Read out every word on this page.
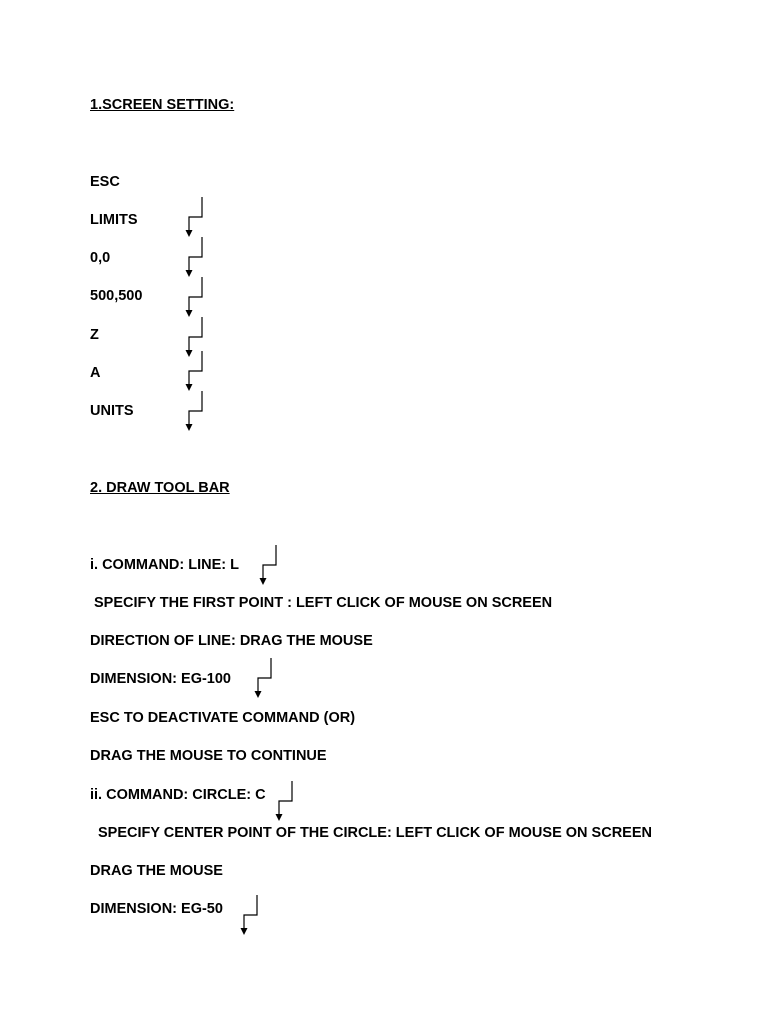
1.SCREEN SETTING:
ESC
LIMITS
0,0
500,500
Z
A
UNITS
2. DRAW TOOL BAR
i. COMMAND: LINE: L
SPECIFY THE FIRST POINT : LEFT CLICK OF MOUSE ON SCREEN
DIRECTION OF LINE: DRAG THE MOUSE
DIMENSION: EG-100
ESC TO DEACTIVATE COMMAND (OR)
DRAG THE MOUSE TO CONTINUE
ii. COMMAND: CIRCLE: C
SPECIFY CENTER POINT OF THE CIRCLE: LEFT CLICK OF MOUSE ON SCREEN
DRAG THE MOUSE
DIMENSION: EG-50
